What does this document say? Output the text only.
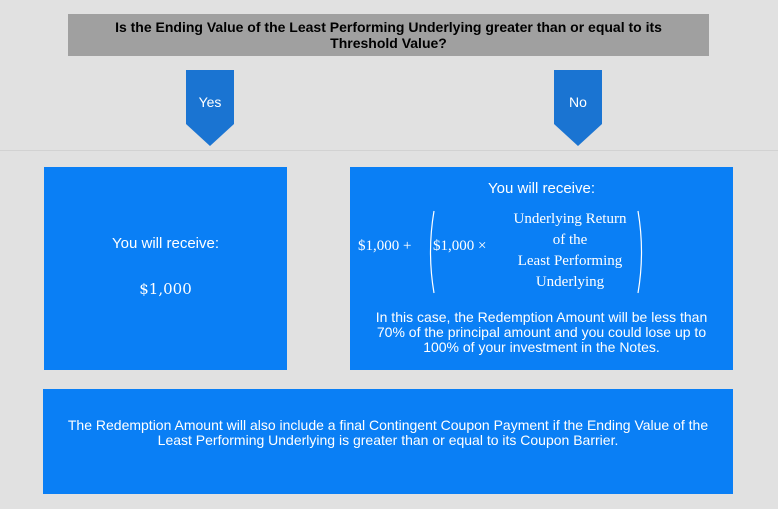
Is the Ending Value of the Least Performing Underlying greater than or equal to its Threshold Value?
Yes	No
You will receive:
$1,000
You will receive:
$1,000 + $1,000 ×
Underlying Return
of the
Least Performing
Underlying
In this case, the Redemption Amount will be less than 70% of the principal amount and you could lose up to 100% of your investment in the Notes.
The Redemption Amount will also include a final Contingent Coupon Payment if the Ending Value of the Least Performing Underlying is greater than or equal to its Coupon Barrier.
